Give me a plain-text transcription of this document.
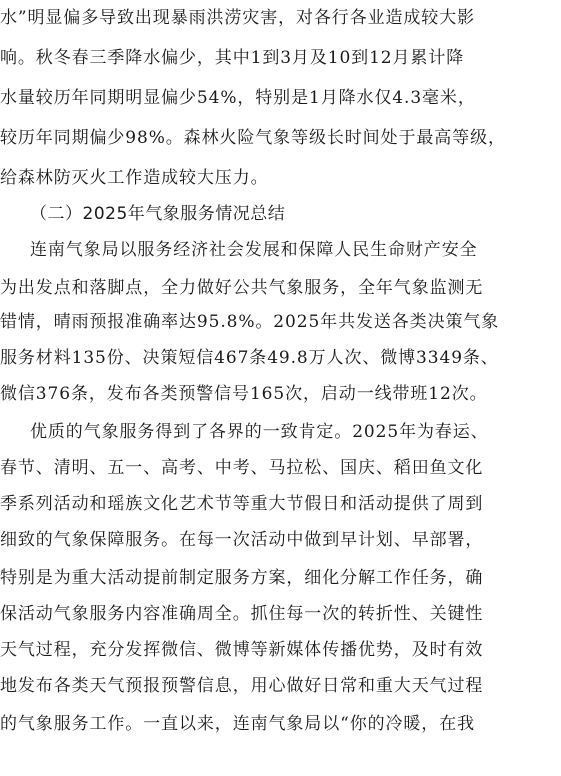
水”明显偏多导致出现暴雨洪涝灾害，对各行各业造成较大影
响。秋冬春三季降水偏少，其中1到3月及10到12月累计降
水量较历年同期明显偏少54%，特别是1月降水仅4.3毫米，
较历年同期偏少98%。森林火险气象等级长时间处于最高等级，
给森林防灭火工作造成较大压力。
（二）2025年气象服务情况总结
连南气象局以服务经济社会发展和保障人民生命财产安全
为出发点和落脚点，全力做好公共气象服务，全年气象监测无
错情，晴雨预报准确率达95.8%。2025年共发送各类决策气象
服务材料135份、决策短信467条49.8万人次、微博3349条、
微信376条，发布各类预警信号165次，启动一线带班12次。
优质的气象服务得到了各界的一致肯定。2025年为春运、
春节、清明、五一、高考、中考、马拉松、国庆、稻田鱼文化
季系列活动和瑶族文化艺术节等重大节假日和活动提供了周到
细致的气象保障服务。在每一次活动中做到早计划、早部署，
特别是为重大活动提前制定服务方案，细化分解工作任务，确
保活动气象服务内容准确周全。抓住每一次的转折性、关键性
天气过程，充分发挥微信、微博等新媒体传播优势，及时有效
地发布各类天气预报预警信息，用心做好日常和重大天气过程
的气象服务工作。一直以来，连南气象局以“你的冷暖，在我
